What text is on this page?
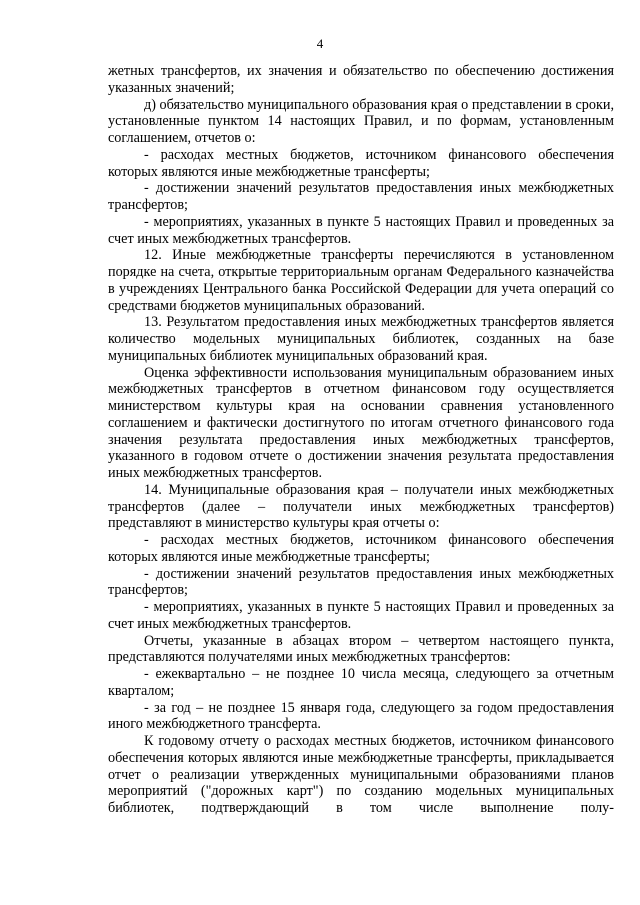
4

жетных трансфертов, их значения и обязательство по обеспечению достижения указанных значений;

д) обязательство муниципального образования края о представлении в сроки, установленные пунктом 14 настоящих Правил, и по формам, установленным соглашением, отчетов о:

- расходах местных бюджетов, источником финансового обеспечения которых являются иные межбюджетные трансферты;

- достижении значений результатов предоставления иных межбюджетных трансфертов;

- мероприятиях, указанных в пункте 5 настоящих Правил и проведенных за счет иных межбюджетных трансфертов.

12. Иные межбюджетные трансферты перечисляются в установленном порядке на счета, открытые территориальным органам Федерального казначейства в учреждениях Центрального банка Российской Федерации для учета операций со средствами бюджетов муниципальных образований.

13. Результатом предоставления иных межбюджетных трансфертов является количество модельных муниципальных библиотек, созданных на базе муниципальных библиотек муниципальных образований края.

Оценка эффективности использования муниципальным образованием иных межбюджетных трансфертов в отчетном финансовом году осуществляется министерством культуры края на основании сравнения установленного соглашением и фактически достигнутого по итогам отчетного финансового года значения результата предоставления иных межбюджетных трансфертов, указанного в годовом отчете о достижении значения результата предоставления иных межбюджетных трансфертов.

14. Муниципальные образования края – получатели иных межбюджетных трансфертов (далее – получатели иных межбюджетных трансфертов) представляют в министерство культуры края отчеты о:

- расходах местных бюджетов, источником финансового обеспечения которых являются иные межбюджетные трансферты;

- достижении значений результатов предоставления иных межбюджетных трансфертов;

- мероприятиях, указанных в пункте 5 настоящих Правил и проведенных за счет иных межбюджетных трансфертов.

Отчеты, указанные в абзацах втором – четвертом настоящего пункта, представляются получателями иных межбюджетных трансфертов:

- ежеквартально – не позднее 10 числа месяца, следующего за отчетным кварталом;

- за год – не позднее 15 января года, следующего за годом предоставления иного межбюджетного трансферта.

К годовому отчету о расходах местных бюджетов, источником финансового обеспечения которых являются иные межбюджетные трансферты, прикладывается отчет о реализации утвержденных муниципальными образованиями планов мероприятий ("дорожных карт") по созданию модельных муниципальных библиотек, подтверждающий в том числе выполнение полу-
